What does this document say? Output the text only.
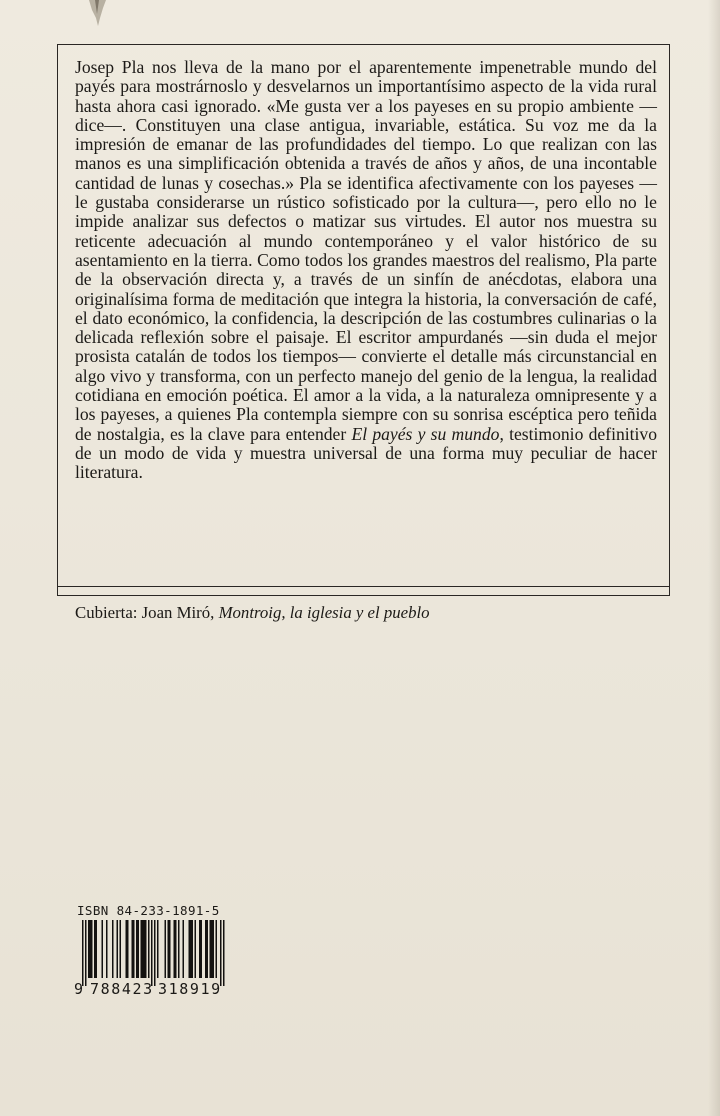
Josep Pla nos lleva de la mano por el aparentemente impenetrable mundo del payés para mostrárnoslo y desvelarnos un importantísimo aspecto de la vida rural hasta ahora casi ignorado. «Me gusta ver a los payeses en su propio ambiente —dice—. Constituyen una clase antigua, invariable, estática. Su voz me da la impresión de emanar de las profundidades del tiempo. Lo que realizan con las manos es una simplificación obtenida a través de años y años, de una incontable cantidad de lunas y cosechas.» Pla se identifica afectivamente con los payeses —le gustaba considerarse un rústico sofisticado por la cultura—, pero ello no le impide analizar sus defectos o matizar sus virtudes. El autor nos muestra su reticente adecuación al mundo contemporáneo y el valor histórico de su asentamiento en la tierra. Como todos los grandes maestros del realismo, Pla parte de la observación directa y, a través de un sinfín de anécdotas, elabora una originalísima forma de meditación que integra la historia, la conversación de café, el dato económico, la confidencia, la descripción de las costumbres culinarias o la delicada reflexión sobre el paisaje. El escritor ampurdanés —sin duda el mejor prosista catalán de todos los tiempos— convierte el detalle más circunstancial en algo vivo y transforma, con un perfecto manejo del genio de la lengua, la realidad cotidiana en emoción poética. El amor a la vida, a la naturaleza omnipresente y a los payeses, a quienes Pla contempla siempre con su sonrisa escéptica pero teñida de nostalgia, es la clave para entender El payés y su mundo, testimonio definitivo de un modo de vida y muestra universal de una forma muy peculiar de hacer literatura.

Cubierta: Joan Miró, Montroig, la iglesia y el pueblo

ISBN 84-233-1891-5
9 788423 318919
